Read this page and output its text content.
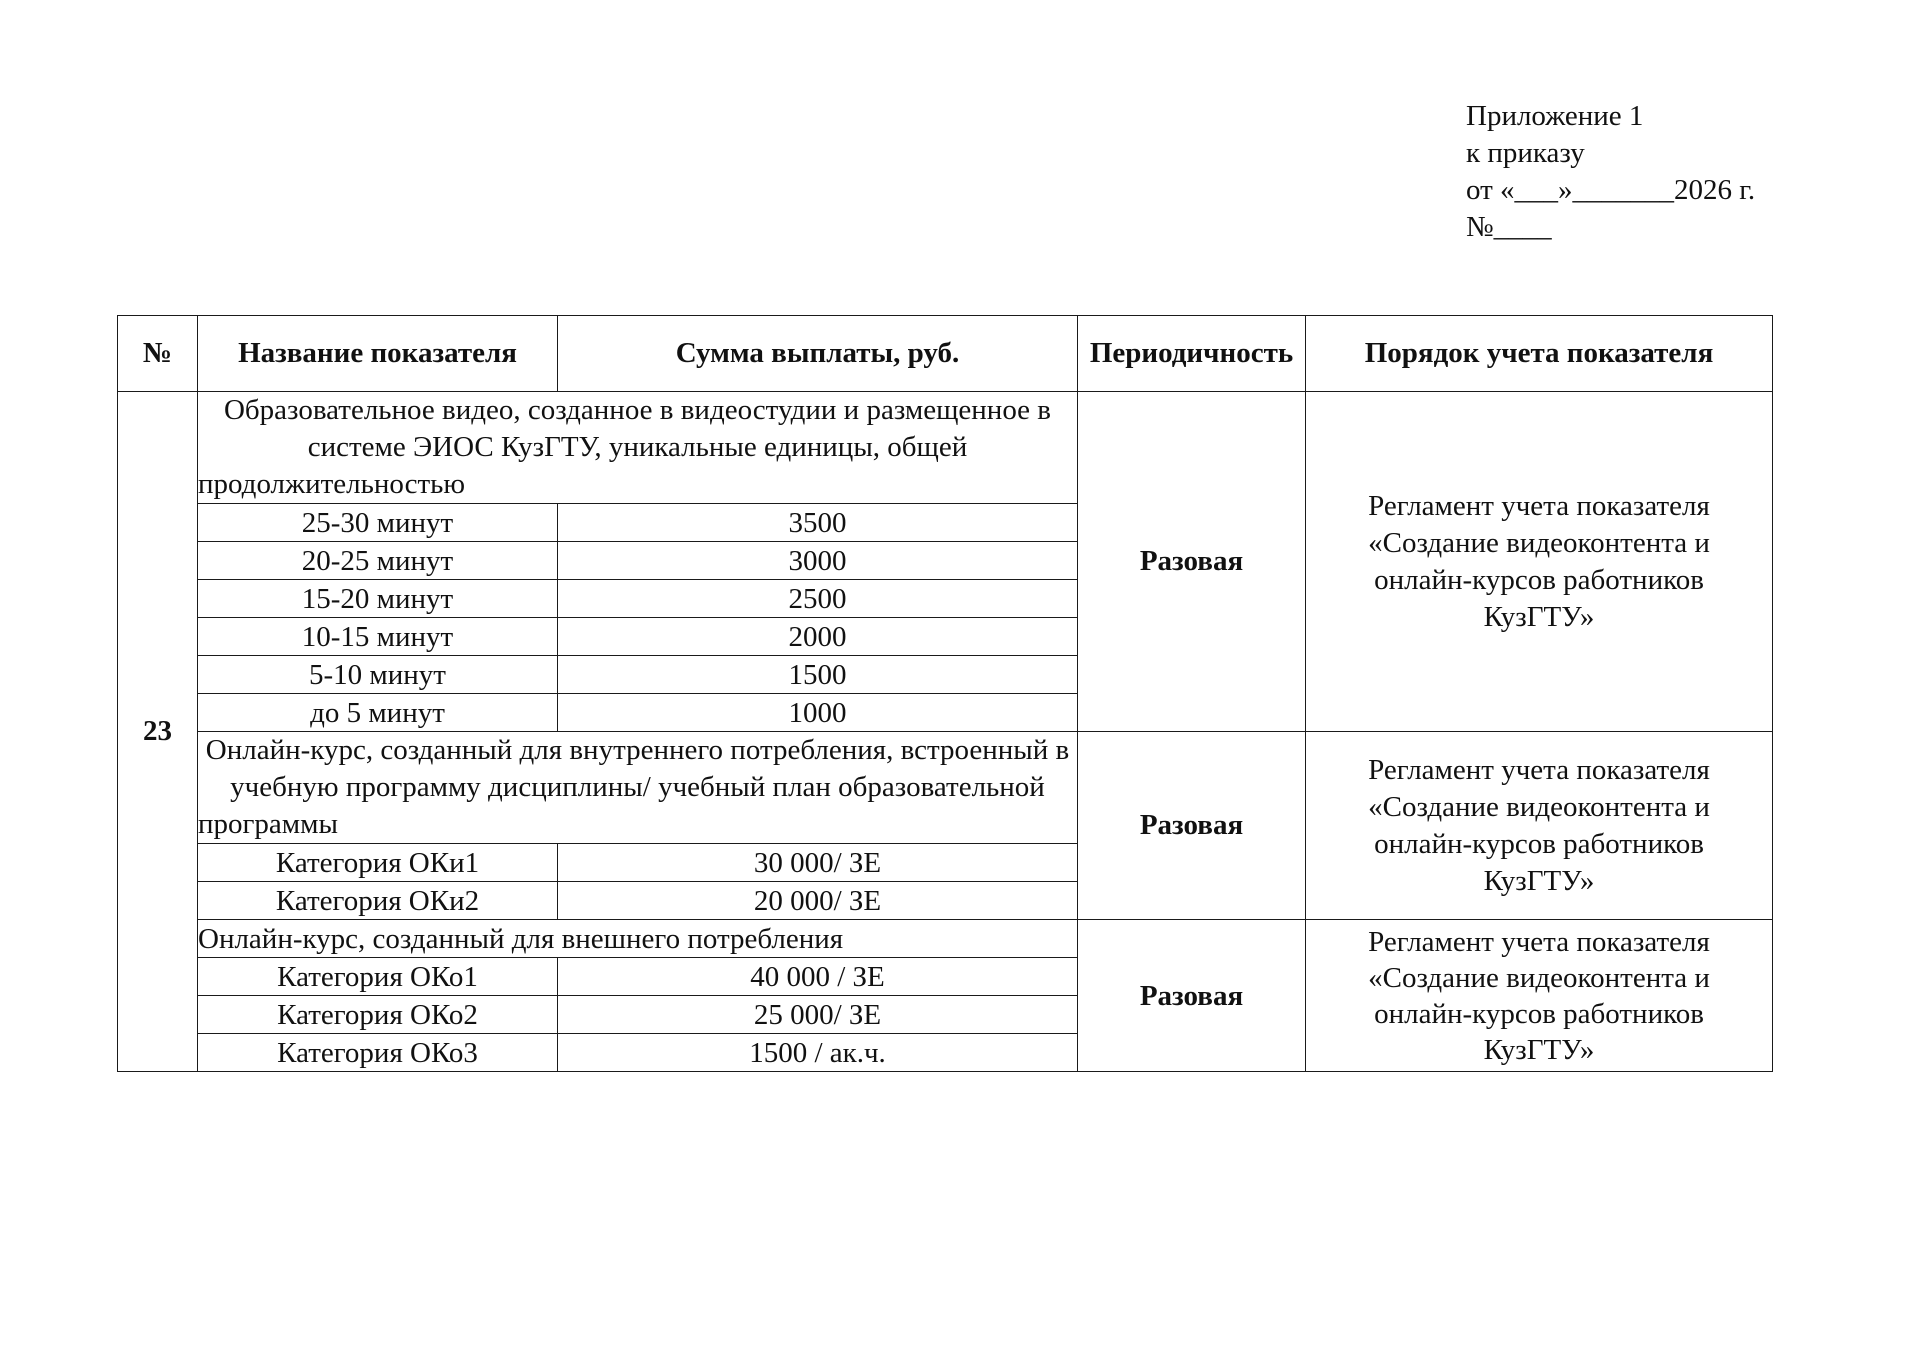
Приложение 1
к приказу
от «___»_______2026 г.
№____
№	Название показателя	Сумма выплаты, руб.	Периодичность	Порядок учета показателя
23	Образовательное видео, созданное в видеостудии и размещенное в системе ЭИОС КузГТУ, уникальные единицы, общей продолжительностью		Разовая	Регламент учета показателя
«Создание видеоконтента и
онлайн-курсов работников
КузГТУ»

	25-30 минут	3500		
	20-25 минут	3000		
	15-20 минут	2500		
	10-15 минут	2000		
	5-10 минут	1500		
	до 5 минут	1000		
	Онлайн-курс, созданный для внутреннего потребления, встроенный в учебную программу дисциплины/ учебный план образовательной программы		Разовая	Регламент учета показателя
«Создание видеоконтента и
онлайн-курсов работников
КузГТУ»

	Категория ОКи1	30 000/ ЗЕ		
	Категория ОКи2	20 000/ ЗЕ		
	Онлайн-курс, созданный для внешнего потребления		Разовая	Регламент учета показателя
«Создание видеоконтента и
онлайн-курсов работников
КузГТУ»

	Категория ОКо1	40 000 / ЗЕ		
	Категория ОКо2	25 000/ ЗЕ		
	Категория ОКо3	1500 / ак.ч.		
